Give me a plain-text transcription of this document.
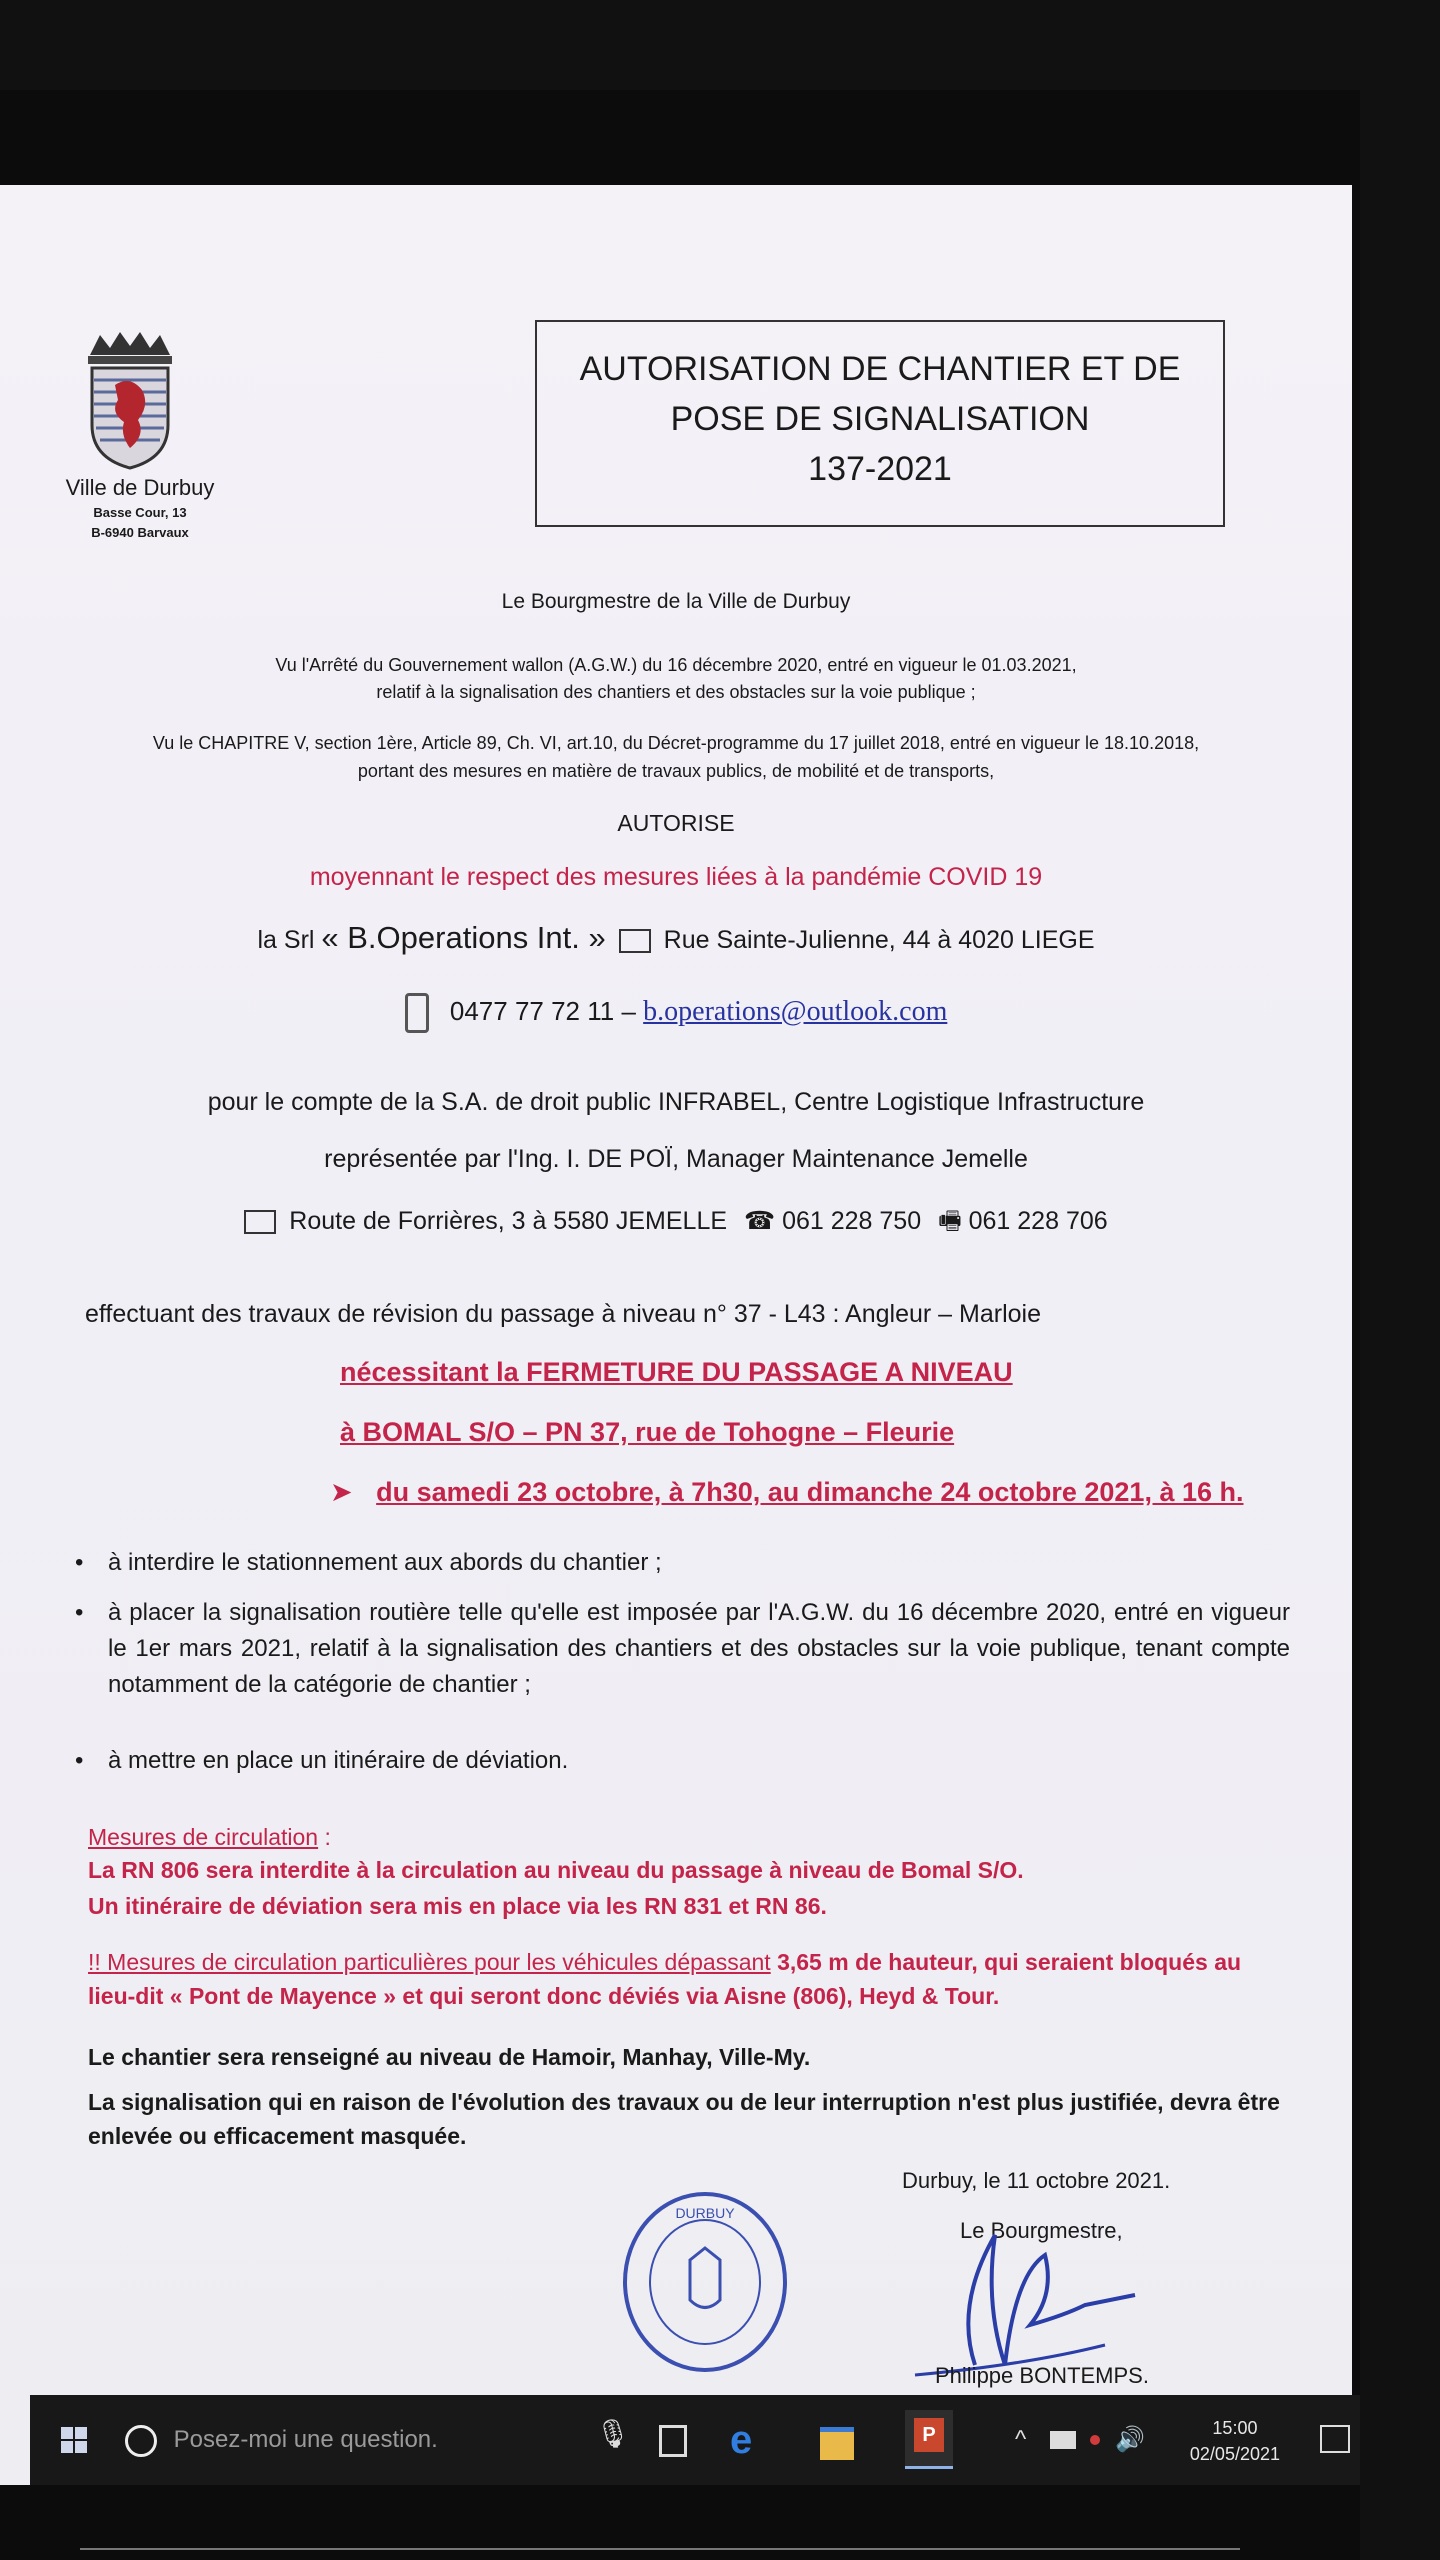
Ville de Durbuy
Basse Cour, 13
B-6940 Barvaux
AUTORISATION DE CHANTIER ET DE
POSE DE SIGNALISATION
137-2021
Le Bourgmestre de la Ville de Durbuy
Vu l'Arrêté du Gouvernement wallon (A.G.W.) du 16 décembre 2020, entré en vigueur le 01.03.2021,
relatif à la signalisation des chantiers et des obstacles sur la voie publique ;
Vu le CHAPITRE V, section 1ère, Article 89, Ch. VI, art.10, du Décret-programme du 17 juillet 2018, entré en vigueur le 18.10.2018,
portant des mesures en matière de travaux publics, de mobilité et de transports,
AUTORISE
moyennant le respect des mesures liées à la pandémie COVID 19
la Srl « B.Operations Int. » Rue Sainte-Julienne, 44 à 4020 LIEGE
0477 77 72 11 – b.operations@outlook.com
pour le compte de la S.A. de droit public INFRABEL, Centre Logistique Infrastructure
représentée par l'Ing. I. DE POÏ, Manager Maintenance Jemelle
Route de Forrières, 3 à 5580 JEMELLE ☎ 061 228 750 🖷 061 228 706
effectuant des travaux de révision du passage à niveau n° 37 - L43 : Angleur – Marloie
nécessitant la FERMETURE DU PASSAGE A NIVEAU
à BOMAL S/O – PN 37, rue de Tohogne – Fleurie
➤ du samedi 23 octobre, à 7h30, au dimanche 24 octobre 2021, à 16 h.
• à interdire le stationnement aux abords du chantier ;
• à placer la signalisation routière telle qu'elle est imposée par l'A.G.W. du 16 décembre 2020, entré en vigueur le 1er mars 2021, relatif à la signalisation des chantiers et des obstacles sur la voie publique, tenant compte notamment de la catégorie de chantier ;
• à mettre en place un itinéraire de déviation.
Mesures de circulation :
La RN 806 sera interdite à la circulation au niveau du passage à niveau de Bomal S/O.
Un itinéraire de déviation sera mis en place via les RN 831 et RN 86.
!! Mesures de circulation particulières pour les véhicules dépassant 3,65 m de hauteur, qui seraient bloqués au lieu-dit « Pont de Mayence » et qui seront donc déviés via Aisne (806), Heyd & Tour.
Le chantier sera renseigné au niveau de Hamoir, Manhay, Ville-My.
La signalisation qui en raison de l'évolution des travaux ou de leur interruption n'est plus justifiée, devra être enlevée ou efficacement masquée.
Durbuy, le 11 octobre 2021.
Le Bourgmestre,
DURBUY
Philippe BONTEMPS.
Posez-moi une question.	🎙 e	P	^	🔊	15:00
02/05/2021
